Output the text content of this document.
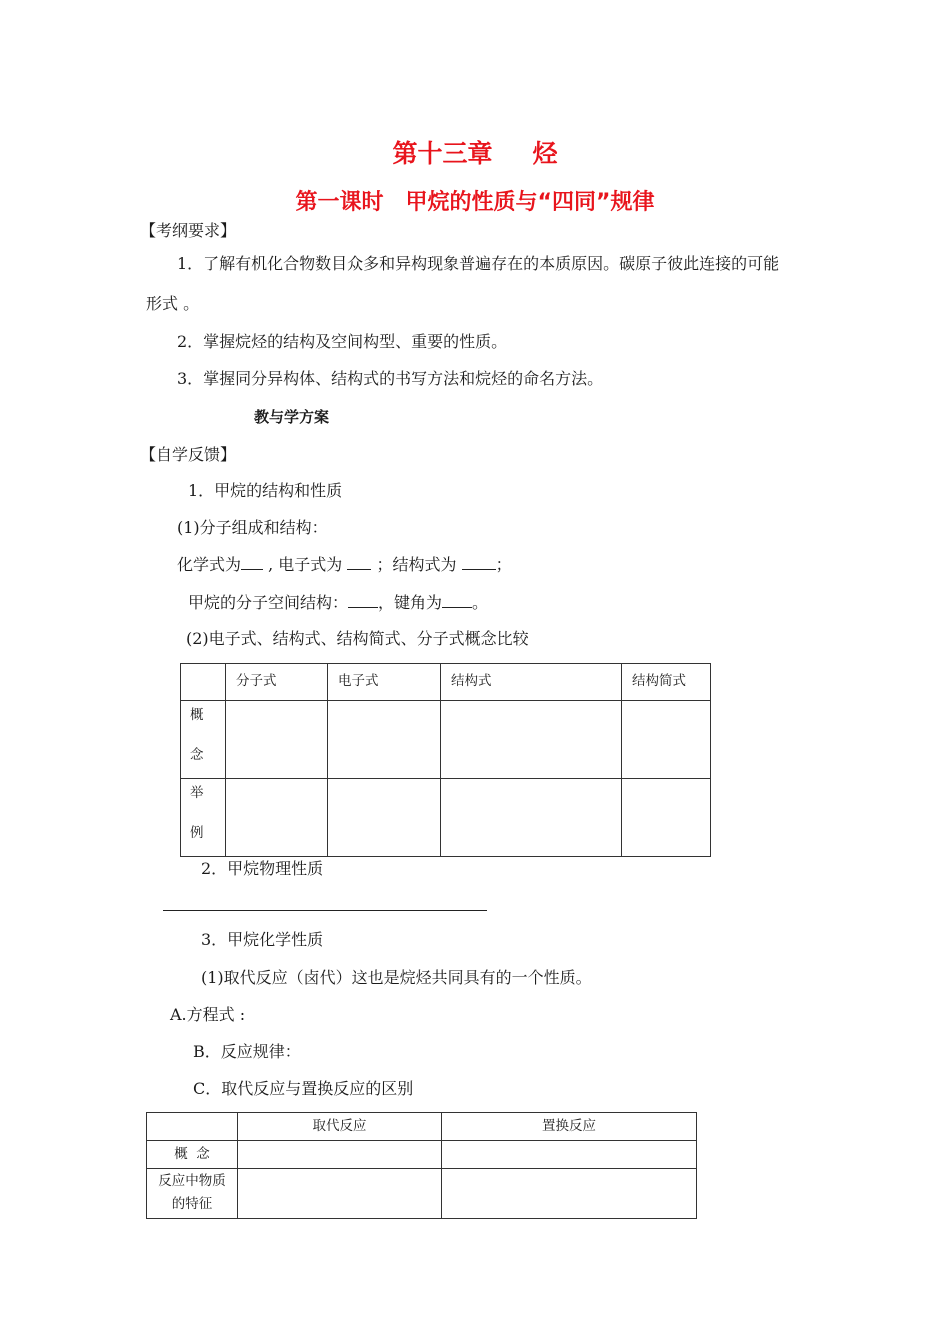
第十三章 烃
第一课时　甲烷的性质与“四同”规律
【考纲要求】
1．了解有机化合物数目众多和异构现象普遍存在的本质原因。碳原子彼此连接的可能
形式 。
2．掌握烷烃的结构及空间构型、重要的性质。
3．掌握同分异构体、结构式的书写方法和烷烃的命名方法。
教与学方案
【自学反馈】
1．甲烷的结构和性质
(1)分子组成和结构：
化学式为 , 电子式为  ；结构式为 ；
甲烷的分子空间结构： ，键角为 。
(2)电子式、结构式、结构简式、分子式概念比较
	分子式	电子式	结构式	结构简式

概
念				

举
例				

2．甲烷物理性质
3．甲烷化学性质
(1)取代反应（卤代）这也是烷烃共同具有的一个性质。
A.方程式 :
B．反应规律：
C．取代反应与置换反应的区别
	取代反应	置换反应
概  念		

反应中物质
的特征		
